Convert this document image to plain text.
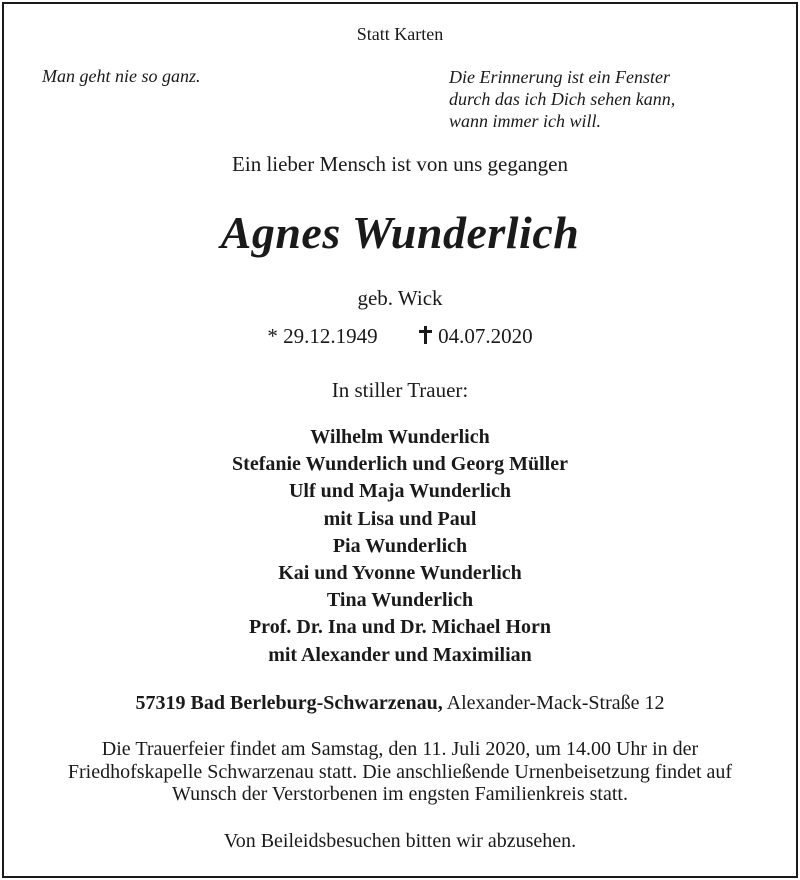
Statt Karten
Man geht nie so ganz.	Die Erinnerung ist ein Fenster
durch das ich Dich sehen kann,
wann immer ich will.
Ein lieber Mensch ist von uns gegangen
Agnes Wunderlich
geb. Wick
* 29.12.1949	04.07.2020
In stiller Trauer:
Wilhelm Wunderlich
Stefanie Wunderlich und Georg Müller
Ulf und Maja Wunderlich
mit Lisa und Paul
Pia Wunderlich
Kai und Yvonne Wunderlich
Tina Wunderlich
Prof. Dr. Ina und Dr. Michael Horn
mit Alexander und Maximilian
57319 Bad Berleburg-Schwarzenau, Alexander-Mack-Straße 12
Die Trauerfeier findet am Samstag, den 11. Juli 2020, um 14.00 Uhr in der
Friedhofskapelle Schwarzenau statt. Die anschließende Urnenbeisetzung findet auf
Wunsch der Verstorbenen im engsten Familienkreis statt.
Von Beileidsbesuchen bitten wir abzusehen.
